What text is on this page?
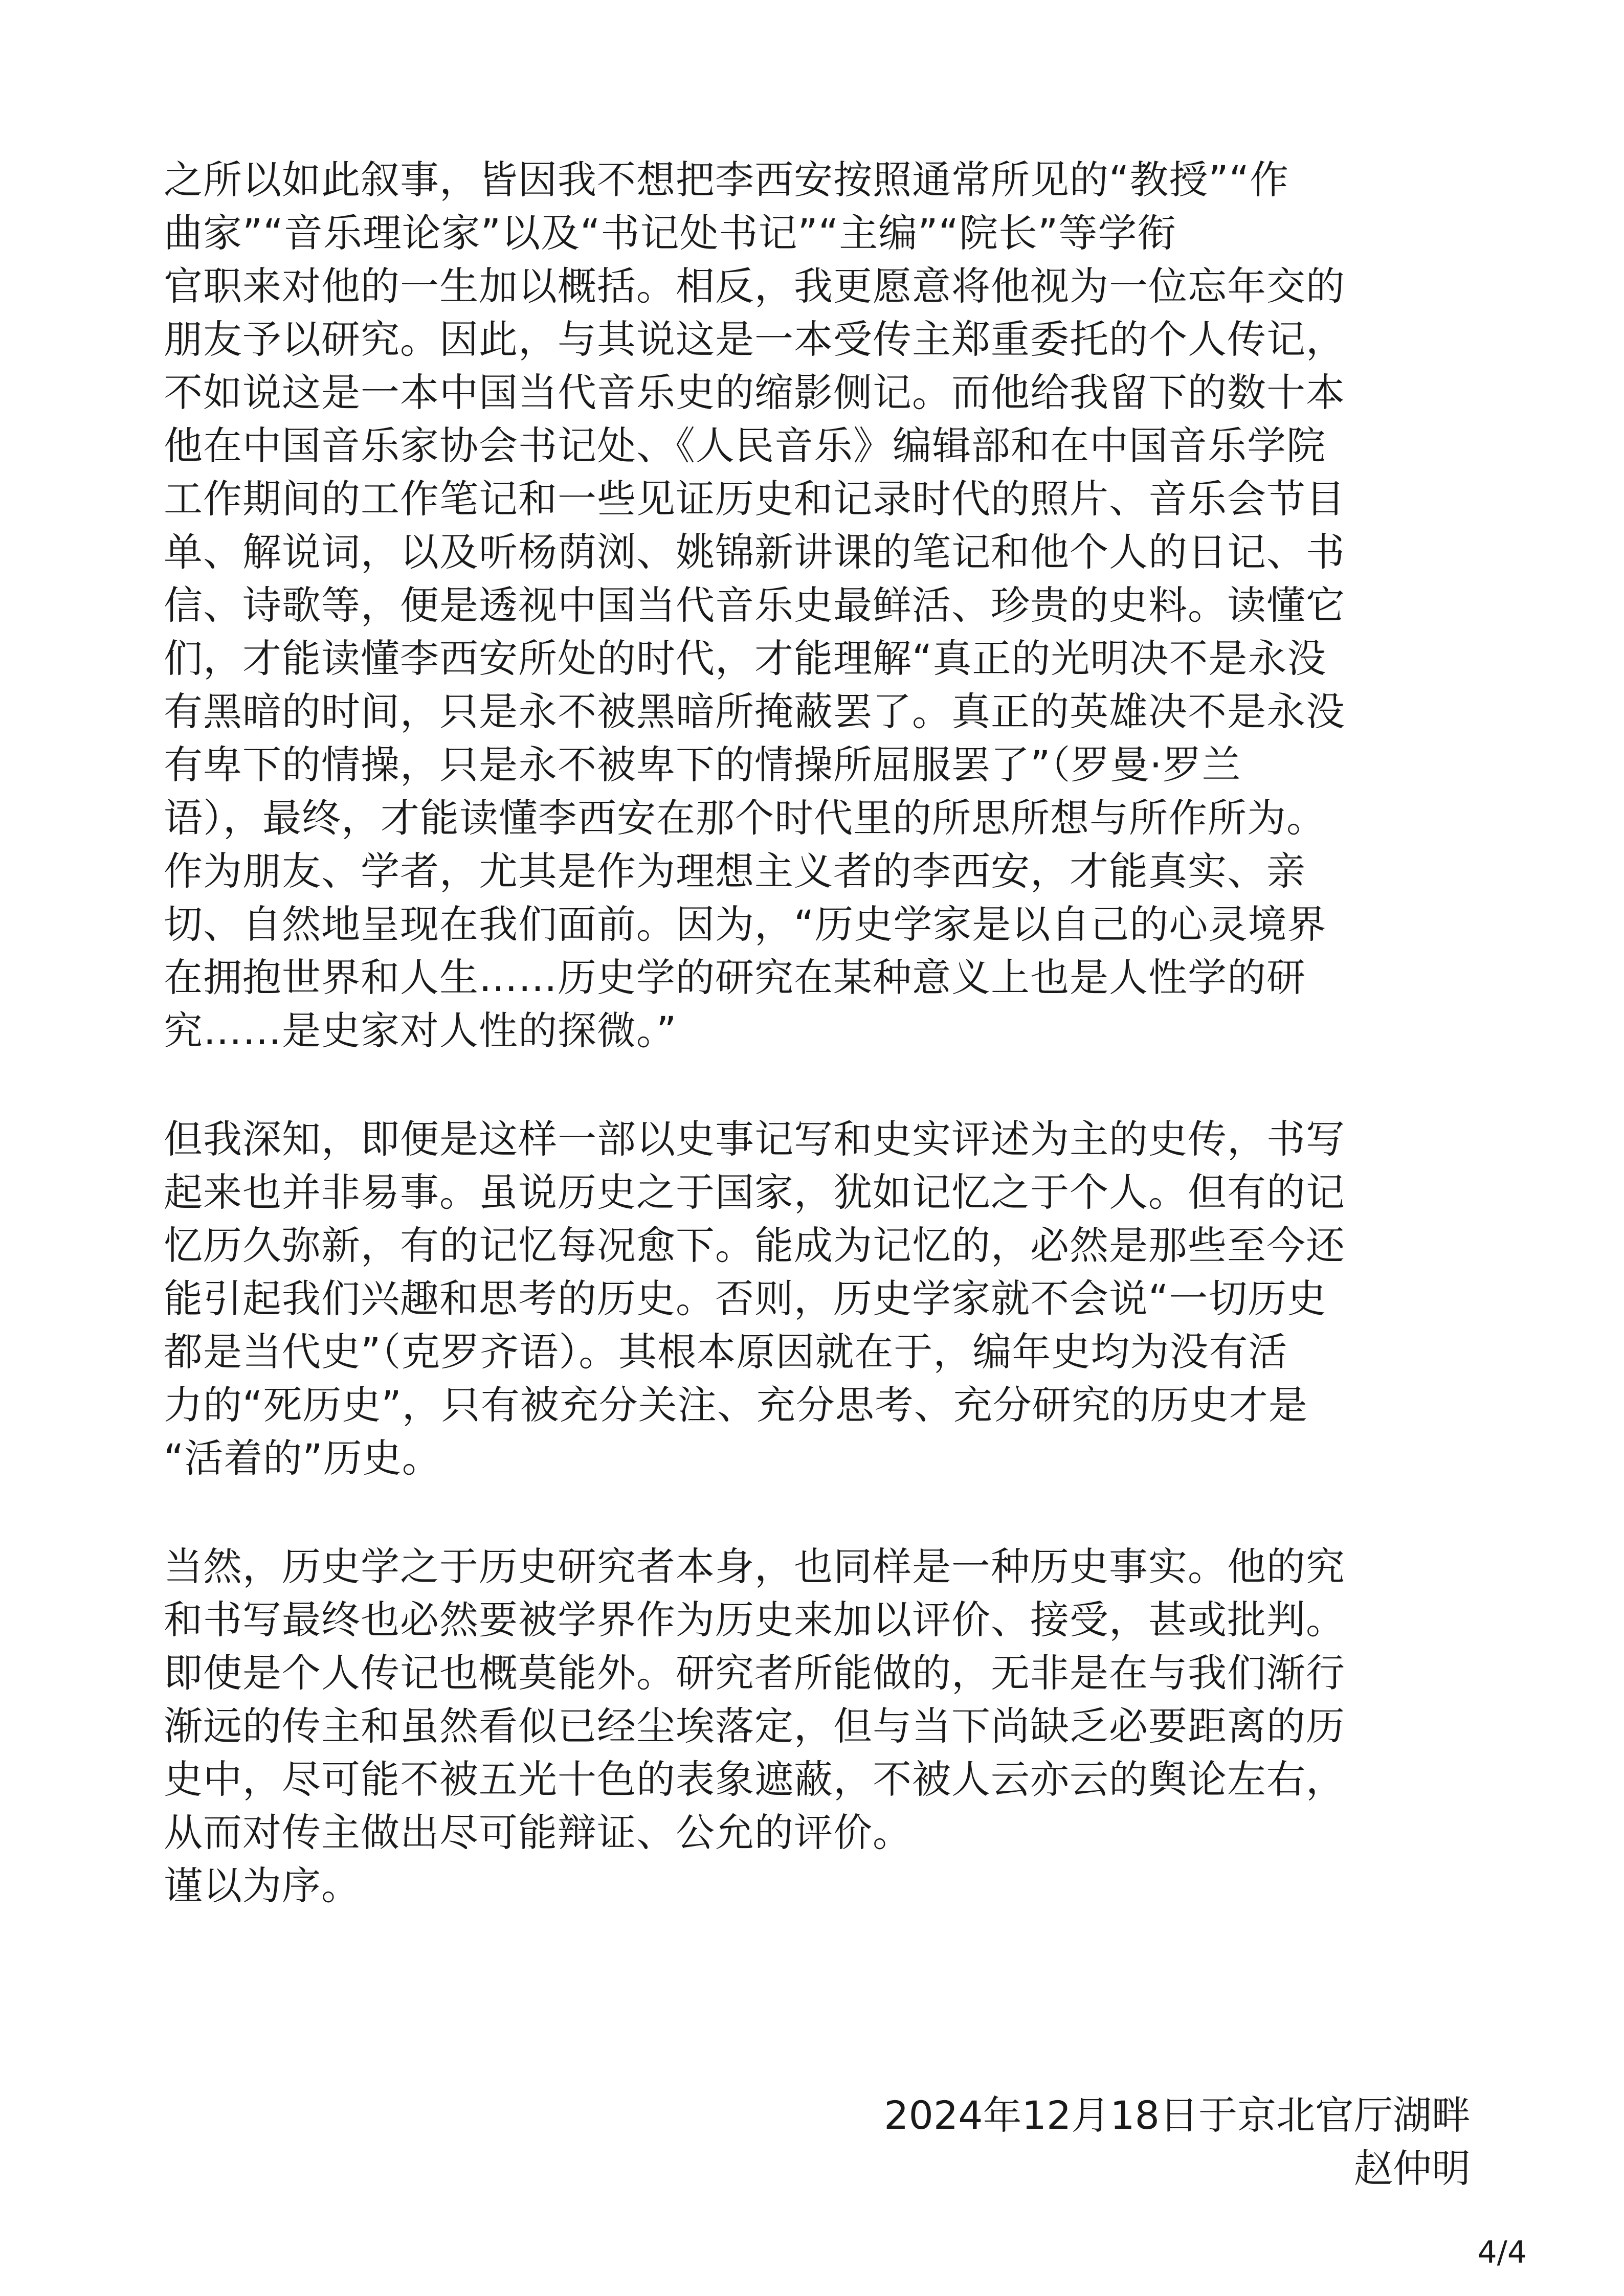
之所以如此叙事，皆因我不想把李西安按照通常所见的“教授”“作
曲家”“音乐理论家”以及“书记处书记”“主编”“院长”等学衔
官职来对他的一生加以概括。相反，我更愿意将他视为一位忘年交的
朋友予以研究。因此，与其说这是一本受传主郑重委托的个人传记，
不如说这是一本中国当代音乐史的缩影侧记。而他给我留下的数十本
他在中国音乐家协会书记处、《人民音乐》编辑部和在中国音乐学院
工作期间的工作笔记和一些见证历史和记录时代的照片、音乐会节目
单、解说词，以及听杨荫浏、姚锦新讲课的笔记和他个人的日记、书
信、诗歌等，便是透视中国当代音乐史最鲜活、珍贵的史料。读懂它
们，才能读懂李西安所处的时代，才能理解“真正的光明决不是永没
有黑暗的时间，只是永不被黑暗所掩蔽罢了。真正的英雄决不是永没
有卑下的情操，只是永不被卑下的情操所屈服罢了”（罗曼·罗兰
语），最终，才能读懂李西安在那个时代里的所思所想与所作所为。
作为朋友、学者，尤其是作为理想主义者的李西安，才能真实、亲
切、自然地呈现在我们面前。因为，“历史学家是以自己的心灵境界
在拥抱世界和人生……历史学的研究在某种意义上也是人性学的研
究……是史家对人性的探微。”

但我深知，即便是这样一部以史事记写和史实评述为主的史传，书写
起来也并非易事。虽说历史之于国家，犹如记忆之于个人。但有的记
忆历久弥新，有的记忆每况愈下。能成为记忆的，必然是那些至今还
能引起我们兴趣和思考的历史。否则，历史学家就不会说“一切历史
都是当代史”（克罗齐语）。其根本原因就在于，编年史均为没有活
力的“死历史”，只有被充分关注、充分思考、充分研究的历史才是
“活着的”历史。

当然，历史学之于历史研究者本身，也同样是一种历史事实。他的究
和书写最终也必然要被学界作为历史来加以评价、接受，甚或批判。
即使是个人传记也概莫能外。研究者所能做的，无非是在与我们渐行
渐远的传主和虽然看似已经尘埃落定，但与当下尚缺乏必要距离的历
史中，尽可能不被五光十色的表象遮蔽，不被人云亦云的舆论左右，
从而对传主做出尽可能辩证、公允的评价。
谨以为序。

2024年12月18日于京北官厅湖畔
赵仲明
4/4
